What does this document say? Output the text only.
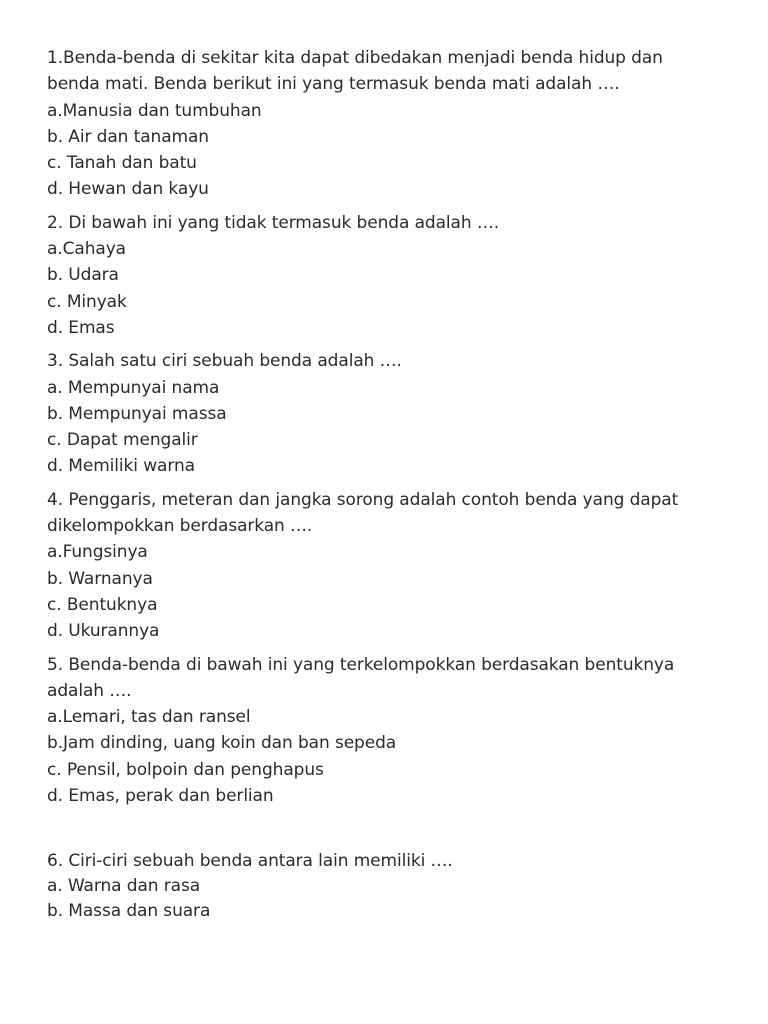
1.Benda-benda di sekitar kita dapat dibedakan menjadi benda hidup dan
benda mati. Benda berikut ini yang termasuk benda mati adalah ….
a.Manusia dan tumbuhan
b. Air dan tanaman
c. Tanah dan batu
d. Hewan dan kayu
2. Di bawah ini yang tidak termasuk benda adalah ….
a.Cahaya
b. Udara
c. Minyak
d. Emas
3. Salah satu ciri sebuah benda adalah ….
a. Mempunyai nama
b. Mempunyai massa
c. Dapat mengalir
d. Memiliki warna
4. Penggaris, meteran dan jangka sorong adalah contoh benda yang dapat
dikelompokkan berdasarkan ….
a.Fungsinya
b. Warnanya
c. Bentuknya
d. Ukurannya
5. Benda-benda di bawah ini yang terkelompokkan berdasakan bentuknya
adalah ….
a.Lemari, tas dan ransel
b.Jam dinding, uang koin dan ban sepeda
c. Pensil, bolpoin dan penghapus
d. Emas, perak dan berlian
6. Ciri-ciri sebuah benda antara lain memiliki ….
a. Warna dan rasa
b. Massa dan suara
